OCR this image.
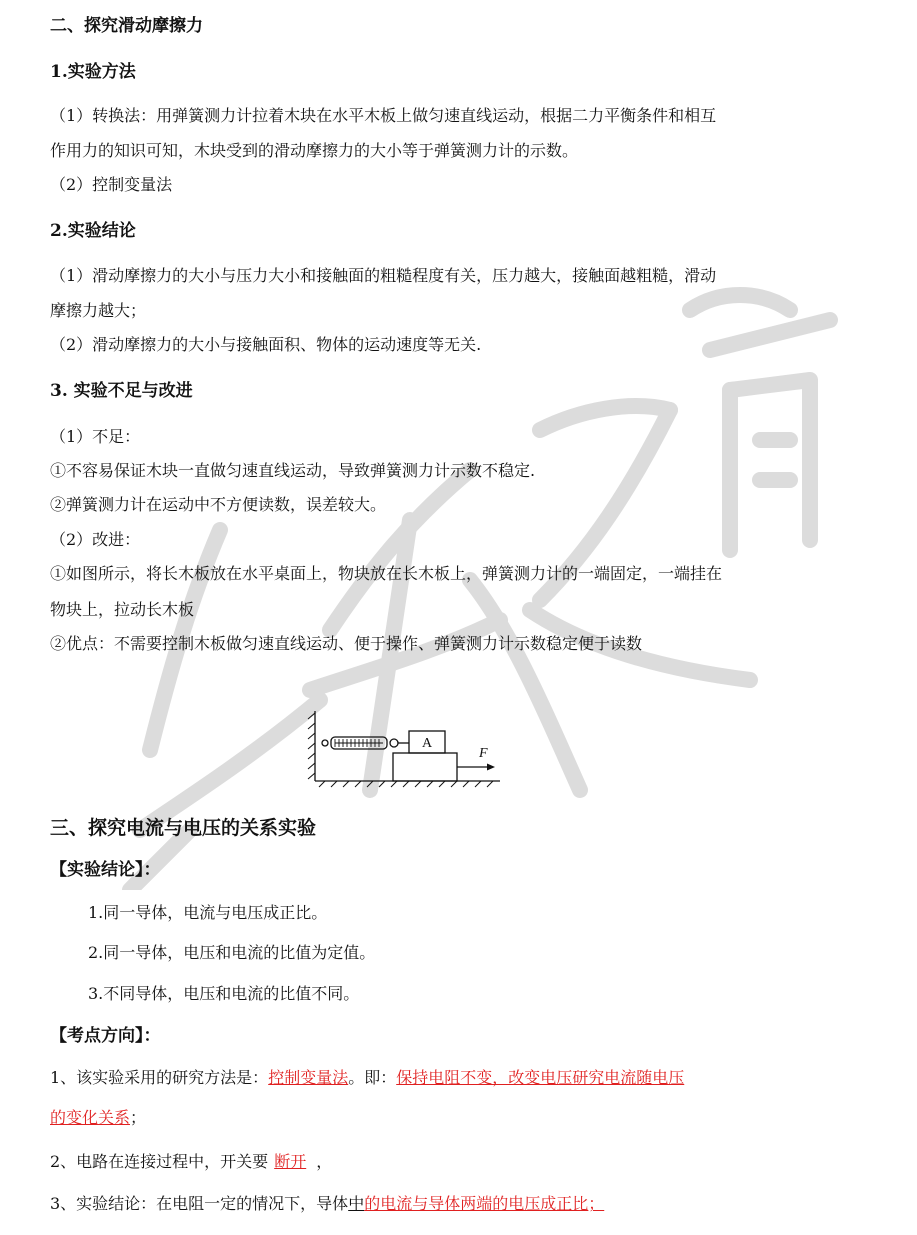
二、探究滑动摩擦力
1.实验方法
（1）转换法：用弹簧测力计拉着木块在水平木板上做匀速直线运动，根据二力平衡条件和相互
作用力的知识可知，木块受到的滑动摩擦力的大小等于弹簧测力计的示数。
（2）控制变量法
2.实验结论
（1）滑动摩擦力的大小与压力大小和接触面的粗糙程度有关，压力越大，接触面越粗糙，滑动
摩擦力越大；
（2）滑动摩擦力的大小与接触面积、物体的运动速度等无关.
3. 实验不足与改进
（1）不足：
①不容易保证木块一直做匀速直线运动，导致弹簧测力计示数不稳定.
②弹簧测力计在运动中不方便读数，误差较大。
（2）改进：
①如图所示，将长木板放在水平桌面上，物块放在长木板上，弹簧测力计的一端固定，一端挂在
物块上，拉动长木板
②优点：不需要控制木板做匀速直线运动、便于操作、弹簧测力计示数稳定便于读数
A
F
三、探究电流与电压的关系实验
【实验结论】：
1.同一导体，电流与电压成正比。
2.同一导体，电压和电流的比值为定值。
3.不同导体，电压和电流的比值不同。
【考点方向】：
1、该实验采用的研究方法是：控制变量法。即：保持电阻不变，改变电压研究电流随电压
的变化关系；
2、电路在连接过程中，开关要 断开 ，
3、实验结论：在电阻一定的情况下，导体中的电流与导体两端的电压成正比；
